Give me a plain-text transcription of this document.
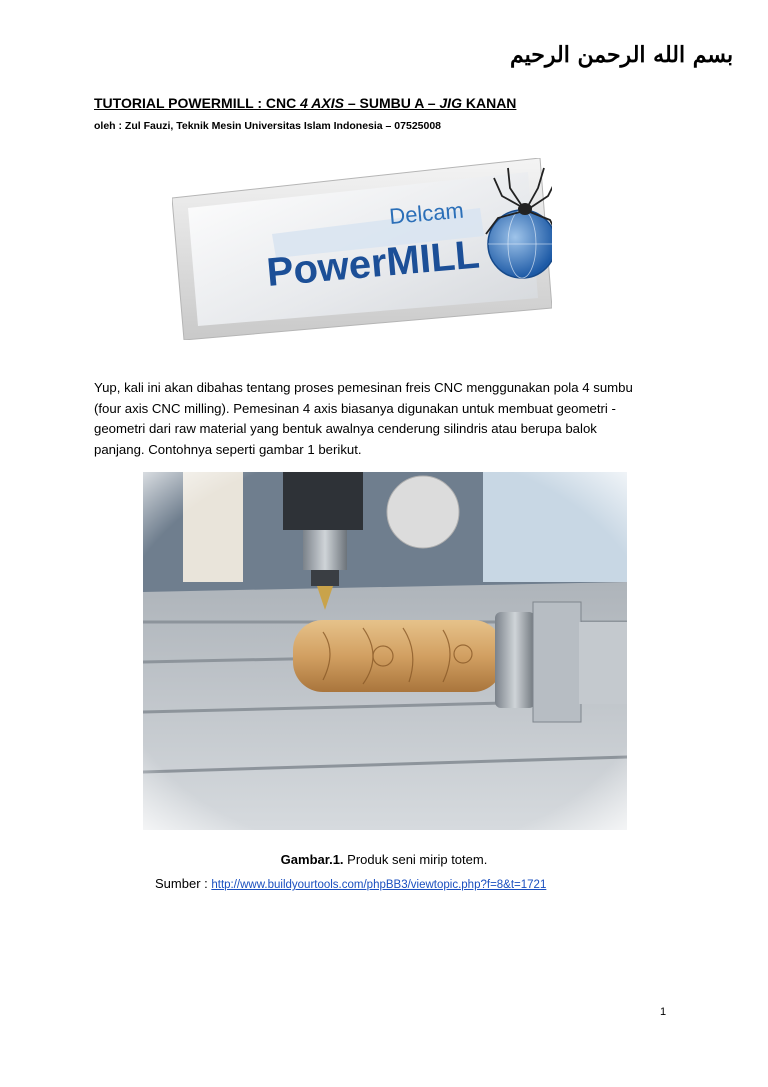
بسم الله الرحمن الرحيم
TUTORIAL POWERMILL : CNC 4 AXIS – SUMBU A – JIG KANAN
oleh : Zul Fauzi, Teknik Mesin Universitas Islam Indonesia – 07525008
Delcam
PowerMILL

Yup, kali ini akan dibahas tentang proses pemesinan freis CNC menggunakan pola 4 sumbu

(four axis CNC milling). Pemesinan 4 axis biasanya digunakan untuk membuat geometri -

geometri dari raw material yang bentuk awalnya cenderung silindris atau berupa balok

panjang. Contohnya seperti gambar 1 berikut.

Gambar.1. Produk seni mirip totem.
Sumber : http://www.buildyourtools.com/phpBB3/viewtopic.php?f=8&t=1721
1
